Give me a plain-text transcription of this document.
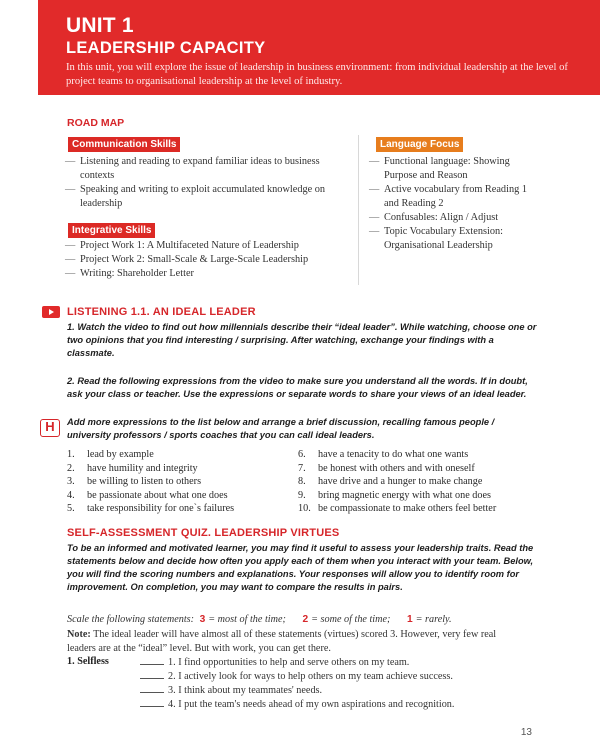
UNIT 1
LEADERSHIP CAPACITY
In this unit, you will explore the issue of leadership in business environment: from individual leadership at the level of project teams to organisational leadership at the level of industry.
ROAD MAP
Communication Skills
— Listening and reading to expand familiar ideas to business contexts
— Speaking and writing to exploit accumulated knowledge on leadership
Integrative Skills
— Project Work 1: A Multifaceted Nature of Leadership
— Project Work 2: Small-Scale & Large-Scale Leadership
— Writing: Shareholder Letter
Language Focus
— Functional language: Showing Purpose and Reason
— Active vocabulary from Reading 1 and Reading 2
— Confusables: Align / Adjust
— Topic Vocabulary Extension: Organisational Leadership
LISTENING 1.1. AN IDEAL LEADER
1. Watch the video to find out how millennials describe their “ideal leader”. While watching, choose one or two opinions that you find interesting / surprising. After watching, exchange your findings with a classmate.
2. Read the following expressions from the video to make sure you understand all the words. If in doubt, ask your class or teacher. Use the expressions or separate words to share your views of an ideal leader.
H	Add more expressions to the list below and arrange a brief discussion, recalling famous people / university professors / sports coaches that you can call ideal leaders.
1. lead by example
2. have humility and integrity
3. be willing to listen to others
4. be passionate about what one does
5. take responsibility for one`s failures
6. have a tenacity to do what one wants
7. be honest with others and with oneself
8. have drive and a hunger to make change
9. bring magnetic energy with what one does
10. be compassionate to make others feel better
SELF-ASSESSMENT QUIZ. LEADERSHIP VIRTUES
To be an informed and motivated learner, you may find it useful to assess your leadership traits. Read the statements below and decide how often you apply each of them when you interact with your team. Below, you will find the scoring numbers and explanations. Your responses will allow you to identify room for improvement. On completion, you may want to compare the results in pairs.
Scale the following statements: 3 = most of the time; 2 = some of the time; 1 = rarely.
Note: The ideal leader will have almost all of these statements (virtues) scored 3. However, very few real leaders are at the “ideal” level. But with work, you can get there.
1. Selfless	1. I find opportunities to help and serve others on my team.
2. I actively look for ways to help others on my team achieve success.
3. I think about my teammates' needs.
4. I put the team's needs ahead of my own aspirations and recognition.
13
